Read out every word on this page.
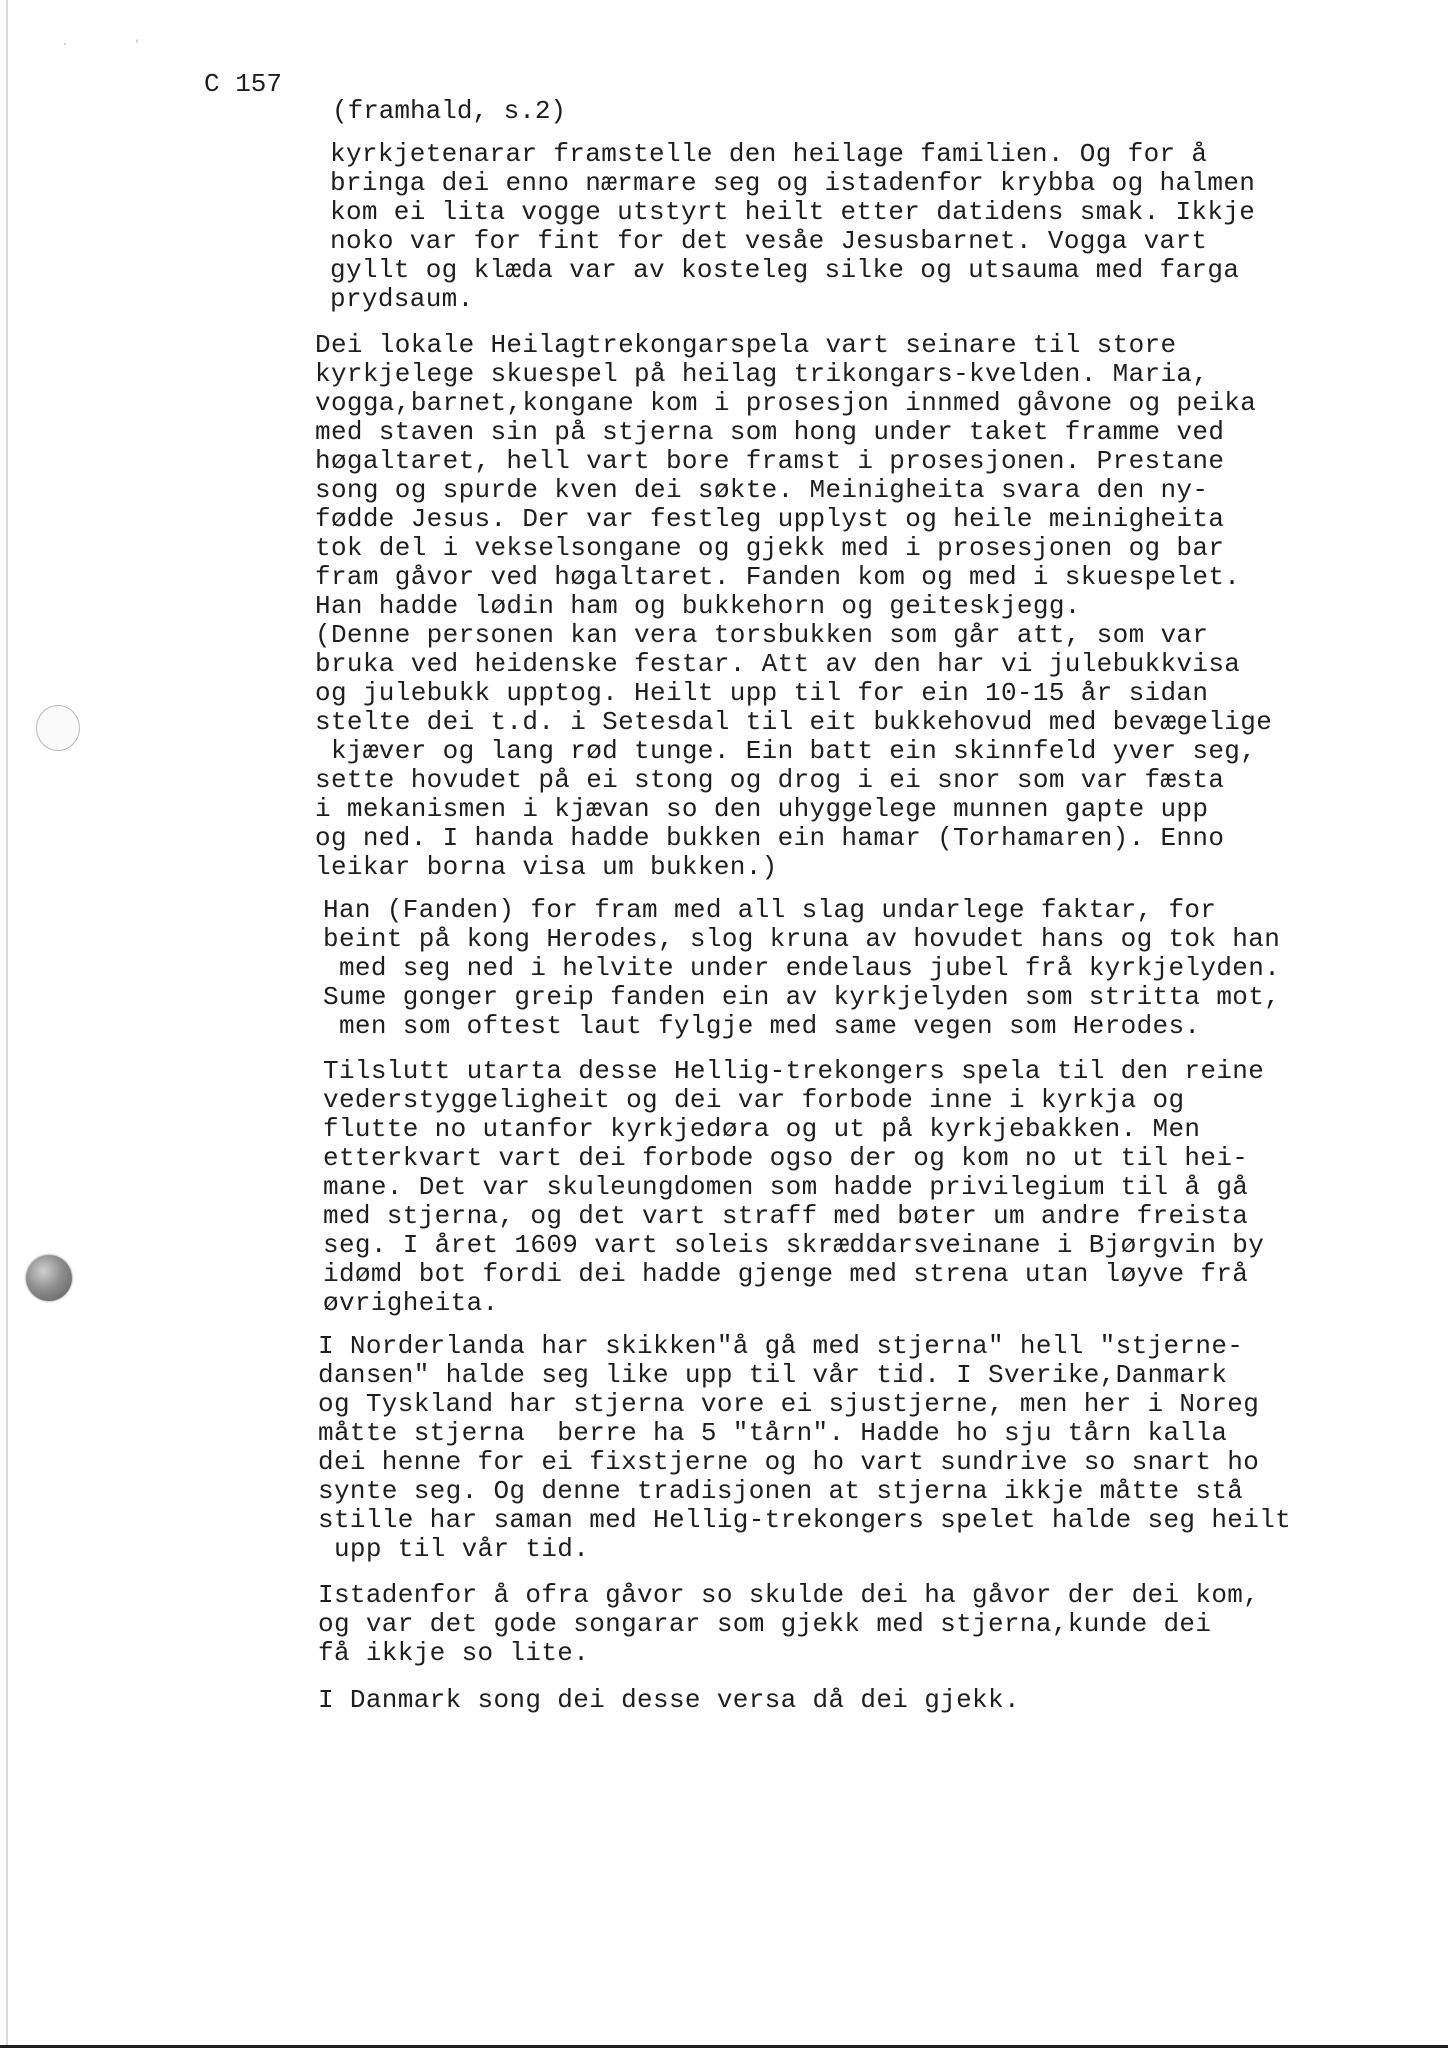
·           '
C 157
(framhald, s.2)
kyrkjetenarar framstelle den heilage familien. Og for å
bringa dei enno nærmare seg og istadenfor krybba og halmen
kom ei lita vogge utstyrt heilt etter datidens smak. Ikkje
noko var for fint for det vesåe Jesusbarnet. Vogga vart
gyllt og klæda var av kosteleg silke og utsauma med farga
prydsaum.
Dei lokale Heilagtrekongarspela vart seinare til store
kyrkjelege skuespel på heilag trikongars-kvelden. Maria,
vogga,barnet,kongane kom i prosesjon innmed gåvone og peika
med staven sin på stjerna som hong under taket framme ved
høgaltaret, hell vart bore framst i prosesjonen. Prestane
song og spurde kven dei søkte. Meinigheita svara den ny-
fødde Jesus. Der var festleg upplyst og heile meinigheita
tok del i vekselsongane og gjekk med i prosesjonen og bar
fram gåvor ved høgaltaret. Fanden kom og med i skuespelet.
Han hadde lødin ham og bukkehorn og geiteskjegg.
(Denne personen kan vera torsbukken som går att, som var
bruka ved heidenske festar. Att av den har vi julebukkvisa
og julebukk upptog. Heilt upp til for ein 10-15 år sidan
stelte dei t.d. i Setesdal til eit bukkehovud med bevægelige
kjæver og lang rød tunge. Ein batt ein skinnfeld yver seg,
sette hovudet på ei stong og drog i ei snor som var fæsta
i mekanismen i kjævan so den uhyggelege munnen gapte upp
og ned. I handa hadde bukken ein hamar (Torhamaren). Enno
leikar borna visa um bukken.)
Han (Fanden) for fram med all slag undarlege faktar, for
beint på kong Herodes, slog kruna av hovudet hans og tok han
med seg ned i helvite under endelaus jubel frå kyrkjelyden.
Sume gonger greip fanden ein av kyrkjelyden som stritta mot,
men som oftest laut fylgje med same vegen som Herodes.
Tilslutt utarta desse Hellig-trekongers spela til den reine
vederstyggeligheit og dei var forbode inne i kyrkja og
flutte no utanfor kyrkjedøra og ut på kyrkjebakken. Men
etterkvart vart dei forbode ogso der og kom no ut til hei-
mane. Det var skuleungdomen som hadde privilegium til å gå
med stjerna, og det vart straff med bøter um andre freista
seg. I året 1609 vart soleis skræddarsveinane i Bjørgvin by
idømd bot fordi dei hadde gjenge med strena utan løyve frå
øvrigheita.
I Norderlanda har skikken"å gå med stjerna" hell "stjerne-
dansen" halde seg like upp til vår tid. I Sverike,Danmark
og Tyskland har stjerna vore ei sjustjerne, men her i Noreg
måtte stjerna  berre ha 5 "tårn". Hadde ho sju tårn kalla
dei henne for ei fixstjerne og ho vart sundrive so snart ho
synte seg. Og denne tradisjonen at stjerna ikkje måtte stå
stille har saman med Hellig-trekongers spelet halde seg heilt
upp til vår tid.
Istadenfor å ofra gåvor so skulde dei ha gåvor der dei kom,
og var det gode songarar som gjekk med stjerna,kunde dei
få ikkje so lite.
I Danmark song dei desse versa då dei gjekk.
